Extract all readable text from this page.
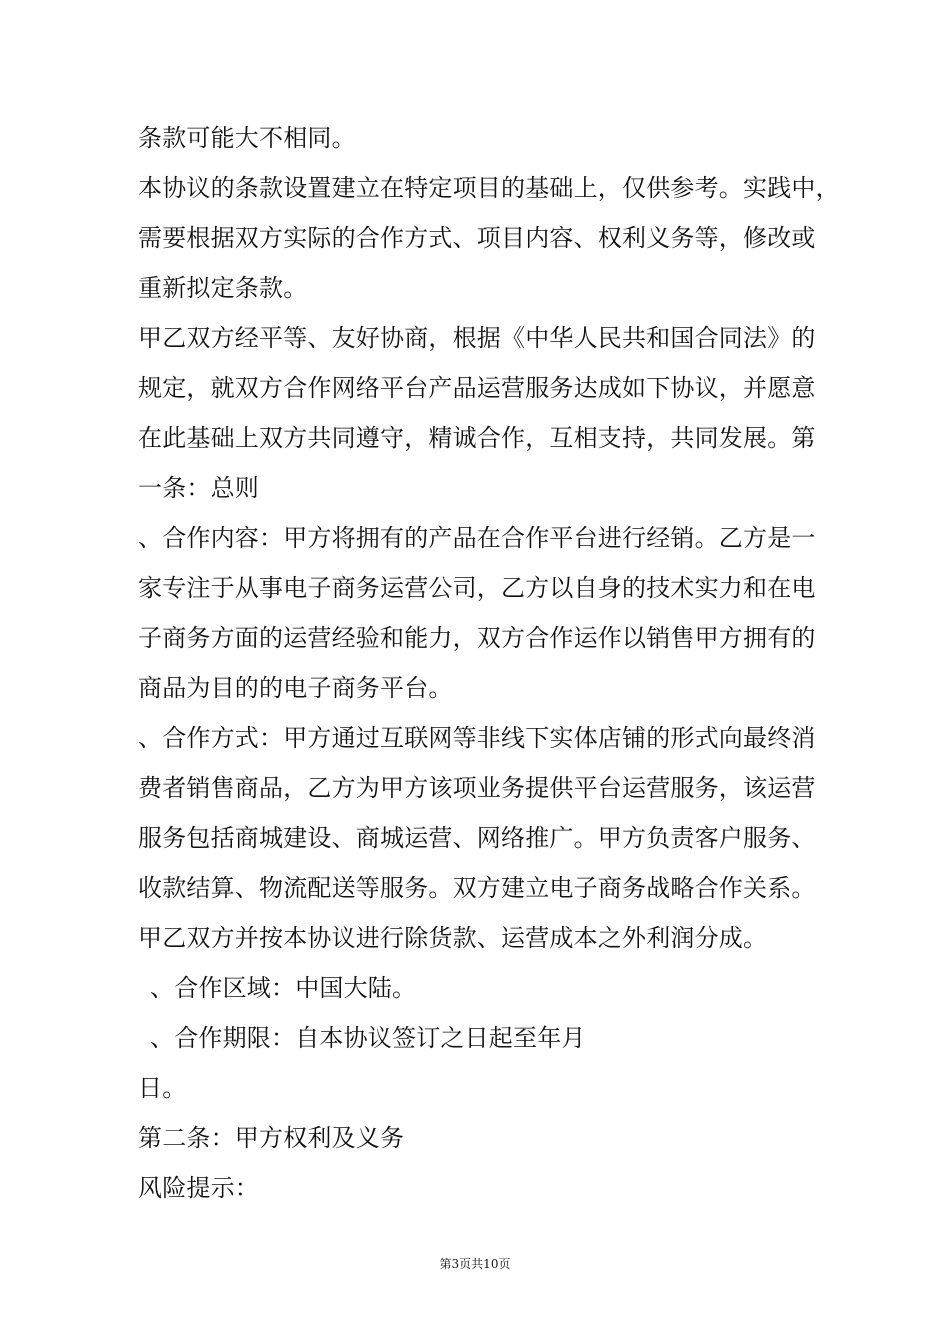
条款可能大不相同。

本协议的条款设置建立在特定项目的基础上，仅供参考。实践中，

需要根据双方实际的合作方式、项目内容、权利义务等，修改或

重新拟定条款。

甲乙双方经平等、友好协商，根据《中华人民共和国合同法》的

规定，就双方合作网络平台产品运营服务达成如下协议，并愿意

在此基础上双方共同遵守，精诚合作，互相支持，共同发展。第

一条：总则

、合作内容：甲方将拥有的产品在合作平台进行经销。乙方是一

家专注于从事电子商务运营公司，乙方以自身的技术实力和在电

子商务方面的运营经验和能力，双方合作运作以销售甲方拥有的

商品为目的的电子商务平台。

、合作方式：甲方通过互联网等非线下实体店铺的形式向最终消

费者销售商品，乙方为甲方该项业务提供平台运营服务，该运营

服务包括商城建设、商城运营、网络推广。甲方负责客户服务、

收款结算、物流配送等服务。双方建立电子商务战略合作关系。

甲乙双方并按本协议进行除货款、运营成本之外利润分成。

、合作区域：中国大陆。

、合作期限：自本协议签订之日起至年月

日。

第二条：甲方权利及义务

风险提示：

第3页共10页
